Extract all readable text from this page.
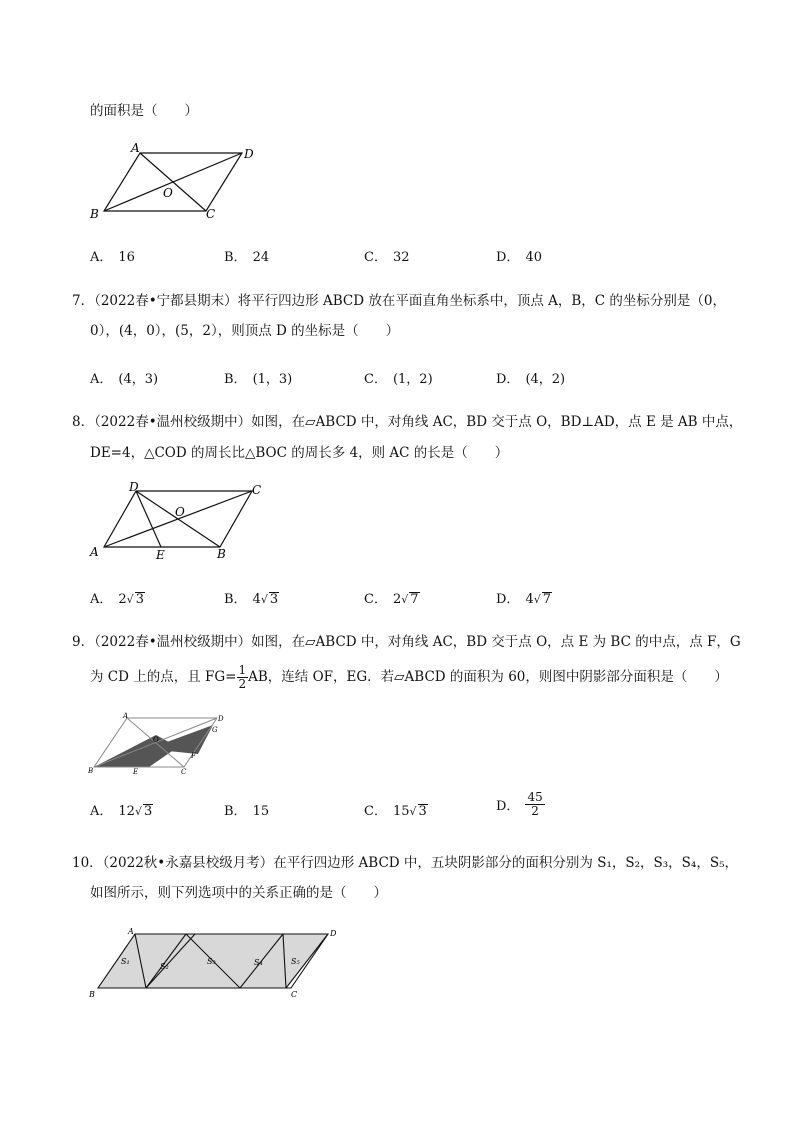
的面积是（　　）
A	D
B	C
O
A． 16	B． 24	C． 32	D． 40
7．（2022春•宁都县期末）将平行四边形 ABCD 放在平面直角坐标系中，顶点 A，B，C 的坐标分别是（0，
0），(4，0），(5，2），则顶点 D 的坐标是（　　）
A． (4，3)	B． (1，3)	C． (1，2)	D． (4，2)
8．（2022春•温州校级期中）如图，在▱ABCD 中，对角线 AC，BD 交于点 O，BD⊥AD，点 E 是 AB 中点，
DE=4，△COD 的周长比△BOC 的周长多 4，则 AC 的长是（　　）
D	C
A	B
E
O
A． 2√ 3	B． 4√ 3	C． 2√ 7	D． 4√ 7
9．（2022春•温州校级期中）如图，在▱ABCD 中，对角线 AC，BD 交于点 O，点 E 为 BC 的中点，点 F，G
为 CD 上的点，且 $FG= \frac{1}{2}$ AB，连结 OF，EG．若▱ABCD 的面积为 60，则图中阴影部分面积是（　　）
A	D
B	C
O
E
F
G
A． 12√ 3	B． 15	C． 15√ 3	D． $\frac{45}{2}$
10．（2022秋•永嘉县校级月考）在平行四边形 ABCD 中，五块阴影部分的面积分别为 S₁，S₂，S₃，S₄，S₅，
如图所示，则下列选项中的关系正确的是（　　）
A	D
B	C
S₁
S₂
S₃	S₄	S₅
